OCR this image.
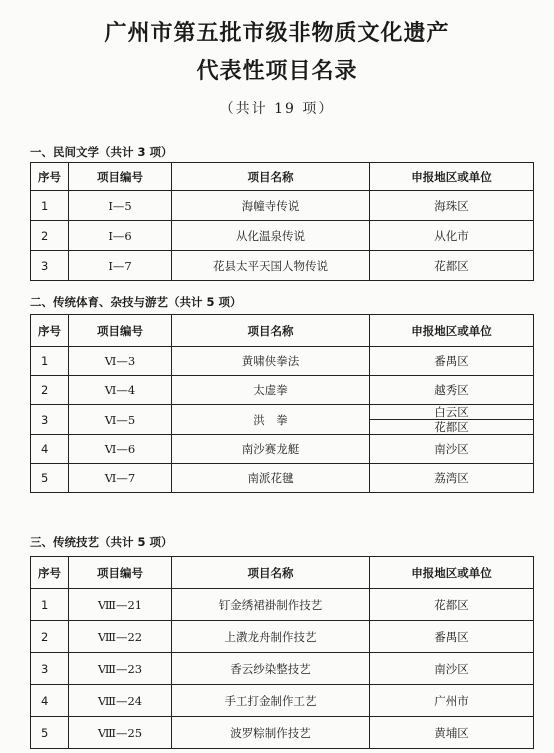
广州市第五批市级非物质文化遗产
代表性项目名录
（共计 19 项）
一、民间文学（共计 3 项）
序号	项目编号	项目名称	申报地区或单位
1	Ⅰ—5	海幢寺传说	海珠区
2	Ⅰ—6	从化温泉传说	从化市
3	Ⅰ—7	花县太平天国人物传说	花都区
二、传统体育、杂技与游艺（共计 5 项）
序号	项目编号	项目名称	申报地区或单位
1	Ⅵ—3	黄啸侠拳法	番禺区
2	Ⅵ—4	太虚拳	越秀区
3	Ⅵ—5	洪　拳	白云区
			花都区
4	Ⅵ—6	南沙赛龙艇	南沙区
5	Ⅵ—7	南派花毽	荔湾区
三、传统技艺（共计 5 项）
序号	项目编号	项目名称	申报地区或单位
1	Ⅷ—21	钉金绣裙褂制作技艺	花都区
2	Ⅷ—22	上漖龙舟制作技艺	番禺区
3	Ⅷ—23	香云纱染整技艺	南沙区
4	Ⅷ—24	手工打金制作工艺	广州市
5	Ⅷ—25	波罗粽制作技艺	黄埔区
